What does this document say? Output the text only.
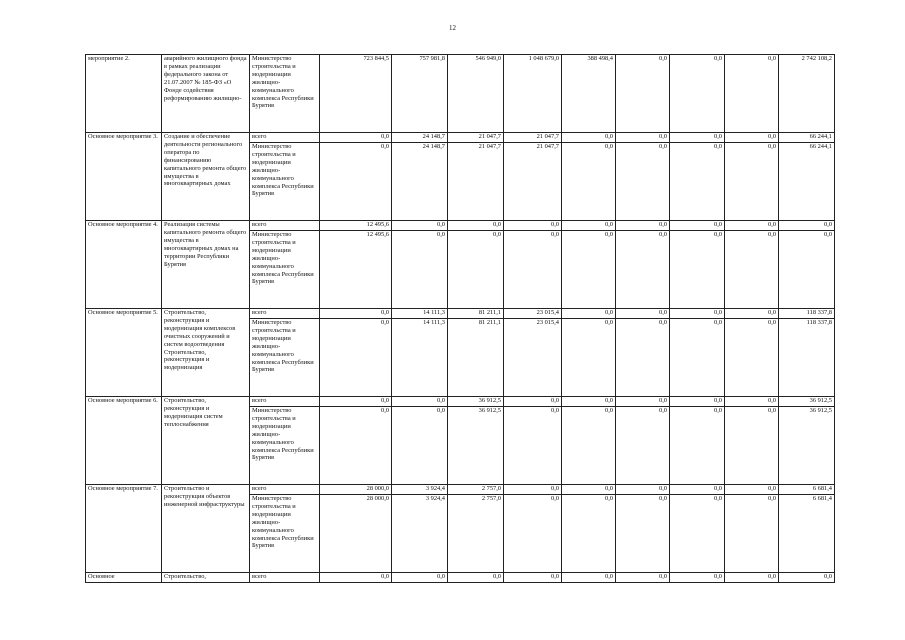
12
мероприятие 2.	аварийного жилищного фонда в рамках реализации федерального закона от 21.07.2007 № 185-ФЗ «О Фонде содействия реформированию жилищно-	Министерство строительства и модернизации жилищно-коммунального комплекса Республики Бурятия	723 844,5	757 981,8	546 949,0	1 048 679,0	388 498,4	0,0	0,0	0,0	2 742 108,2
Основное мероприятие 3.	Создание и обеспечение деятельности регионального оператора по финансированию капитального ремонта общего имущества в многоквартирных домах	всего	0,0	24 148,7	21 047,7	21 047,7	0,0	0,0	0,0	0,0	66 244,1
		Министерство строительства и модернизации жилищно-коммунального комплекса Республики Бурятия	0,0	24 148,7	21 047,7	21 047,7	0,0	0,0	0,0	0,0	66 244,1
Основное мероприятие 4.	Реализация системы капитального ремонта общего имущества в многоквартирных домах на территории Республики Бурятия	всего	12 495,6	0,0	0,0	0,0	0,0	0,0	0,0	0,0	0,0
		Министерство строительства и модернизации жилищно-коммунального комплекса Республики Бурятия	12 495,6	0,0	0,0	0,0	0,0	0,0	0,0	0,0	0,0
Основное мероприятие 5.	Строительство, реконструкция и модернизация комплексов очистных сооружений и систем водоотведения Строительство, реконструкция и модернизация	всего	0,0	14 111,3	81 211,1	23 015,4	0,0	0,0	0,0	0,0	118 337,8
		Министерство строительства и модернизации жилищно-коммунального комплекса Республики Бурятия	0,0	14 111,3	81 211,1	23 015,4	0,0	0,0	0,0	0,0	118 337,8
Основное мероприятие 6.	Строительство, реконструкция и модернизация систем теплоснабжения	всего	0,0	0,0	36 912,5	0,0	0,0	0,0	0,0	0,0	36 912,5
		Министерство строительства и модернизации жилищно-коммунального комплекса Республики Бурятия	0,0	0,0	36 912,5	0,0	0,0	0,0	0,0	0,0	36 912,5
Основное мероприятие 7.	Строительство и реконструкция объектов инженерной инфраструктуры	всего	28 000,0	3 924,4	2 757,0	0,0	0,0	0,0	0,0	0,0	6 681,4
		Министерство строительства и модернизации жилищно-коммунального комплекса Республики Бурятия	28 000,0	3 924,4	2 757,0	0,0	0,0	0,0	0,0	0,0	6 681,4
Основное	Строительство,	всего	0,0	0,0	0,0	0,0	0,0	0,0	0,0	0,0	0,0
